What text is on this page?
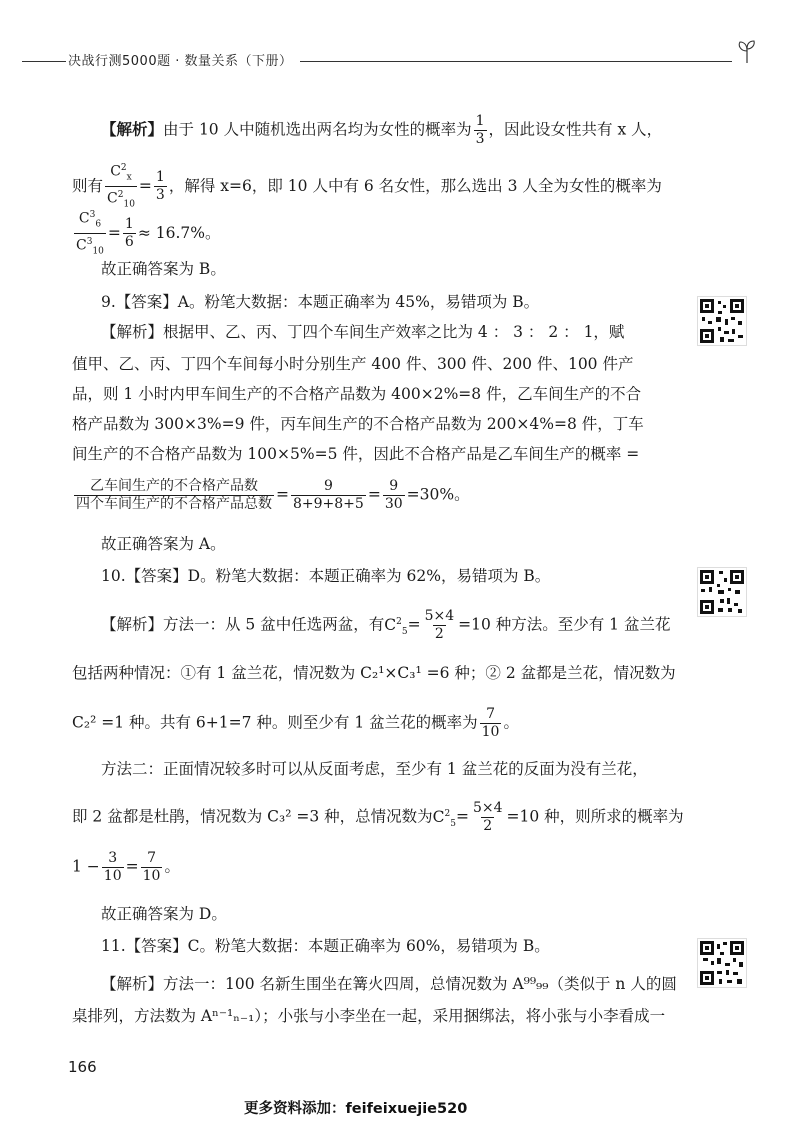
决战行测5000题 · 数量关系（下册）
【解析】由于 10 人中随机选出两名均为女性的概率为 $\frac{1}{3}$ ，因此设女性共有 x 人，
则有 $\frac{C^2_x}{C^2_{10}} = \frac{1}{3}$ ，解得 x=6，即 10 人中有 6 名女性，那么选出 3 人全为女性的概率为
$\frac{C^3_6}{C^3_{10}} = \frac{1}{6} \approx 16.7\%$。
故正确答案为 B。
9.【答案】A。粉笔大数据：本题正确率为 45%，易错项为 B。
【解析】根据甲、乙、丙、丁四个车间生产效率之比为 4 ： 3 ： 2 ： 1，赋
值甲、乙、丙、丁四个车间每小时分别生产 400 件、300 件、200 件、100 件产
品，则 1 小时内甲车间生产的不合格产品数为 400×2%=8 件，乙车间生产的不合
格产品数为 300×3%=9 件，丙车间生产的不合格产品数为 200×4%=8 件，丁车
间生产的不合格产品数为 100×5%=5 件，因此不合格产品是乙车间生产的概率 =
$\frac{\text{乙车间生产的不合格产品数}}{\text{四个车间生产的不合格产品总数}} = \frac{9}{8+9+8+5} = \frac{9}{30} =30\%$。
故正确答案为 A。
10.【答案】D。粉笔大数据：本题正确率为 62%，易错项为 B。
【解析】方法一：从 5 盆中任选两盆，有$C^2_5= \frac{5\times 4}{2} =10$ 种方法。至少有 1 盆兰花
包括两种情况：①有 1 盆兰花，情况数为 C₂¹×C₃¹ =6 种；② 2 盆都是兰花，情况数为
C₂² =1 种。共有 6+1=7 种。则至少有 1 盆兰花的概率为 $\frac{7}{10}$ 。
方法二：正面情况较多时可以从反面考虑，至少有 1 盆兰花的反面为没有兰花，
即 2 盆都是杜鹃，情况数为 C₃² =3 种，总情况数为$C^2_5= \frac{5\times 4}{2} =10$ 种，则所求的概率为
$1 - \frac{3}{10} = \frac{7}{10}$ 。
故正确答案为 D。
11.【答案】C。粉笔大数据：本题正确率为 60%，易错项为 B。
【解析】方法一：100 名新生围坐在篝火四周，总情况数为 A⁹⁹₉₉（类似于 n 人的圆
桌排列，方法数为 Aⁿ⁻¹ₙ₋₁）；小张与小李坐在一起，采用捆绑法，将小张与小李看成一
166
更多资料添加：feifeixuejie520
